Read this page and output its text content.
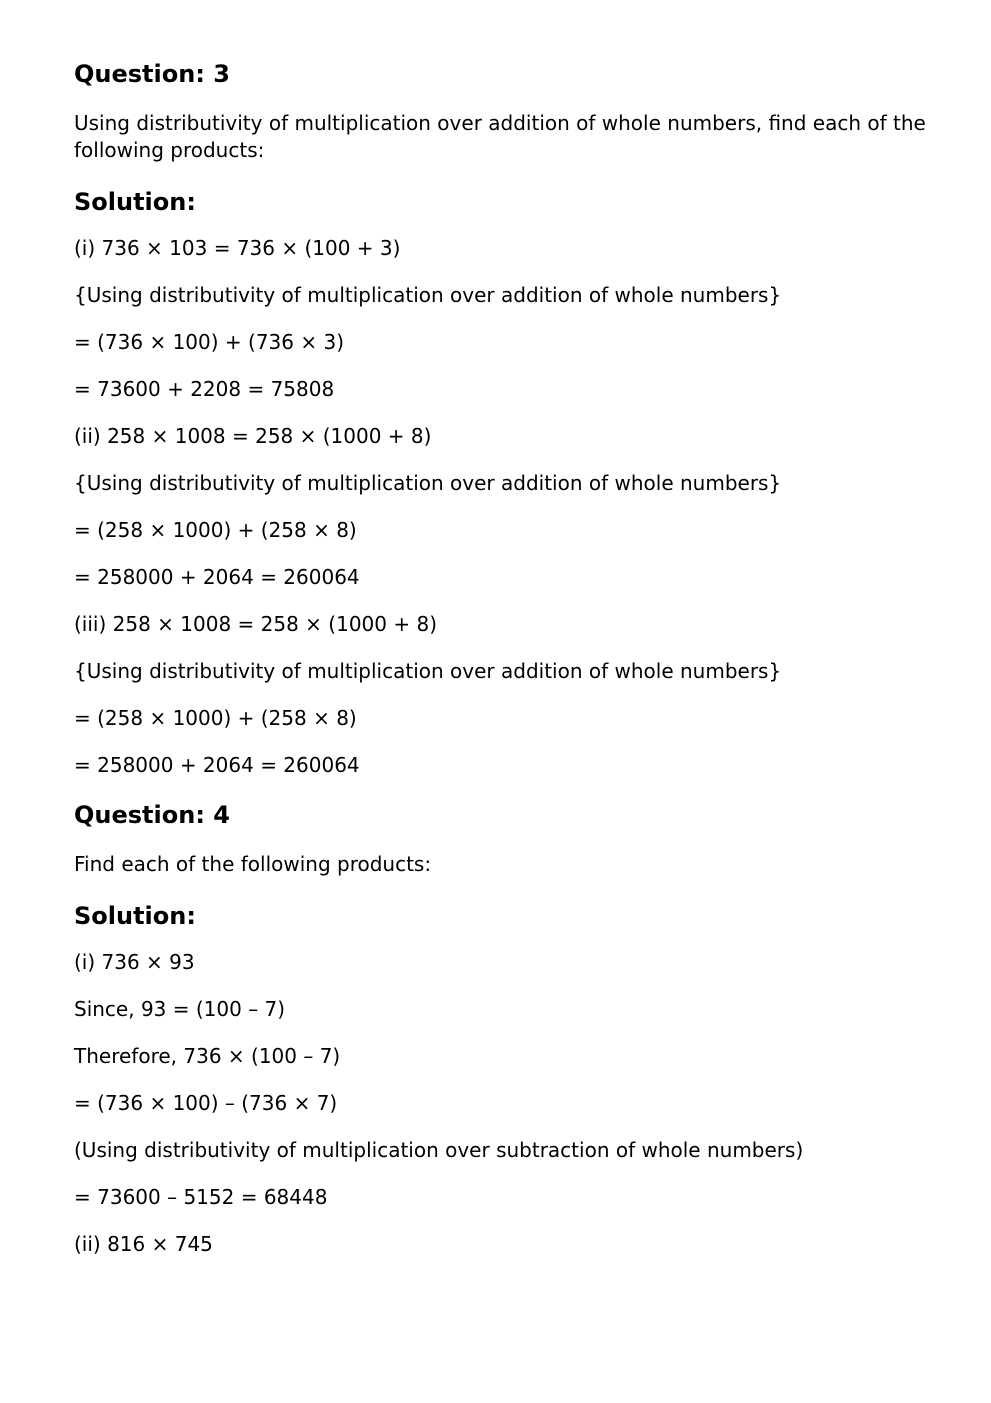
Question: 3

Using distributivity of multiplication over addition of whole numbers, find each of the following products:

Solution:

(i) 736 × 103 = 736 × (100 + 3)

{Using distributivity of multiplication over addition of whole numbers}

= (736 × 100) + (736 × 3)

= 73600 + 2208 = 75808

(ii) 258 × 1008 = 258 × (1000 + 8)

{Using distributivity of multiplication over addition of whole numbers}

= (258 × 1000) + (258 × 8)

= 258000 + 2064 = 260064

(iii) 258 × 1008 = 258 × (1000 + 8)

{Using distributivity of multiplication over addition of whole numbers}

= (258 × 1000) + (258 × 8)

= 258000 + 2064 = 260064

Question: 4

Find each of the following products:

Solution:

(i) 736 × 93

Since, 93 = (100 – 7)

Therefore, 736 × (100 – 7)

= (736 × 100) – (736 × 7)

(Using distributivity of multiplication over subtraction of whole numbers)

= 73600 – 5152 = 68448

(ii) 816 × 745
